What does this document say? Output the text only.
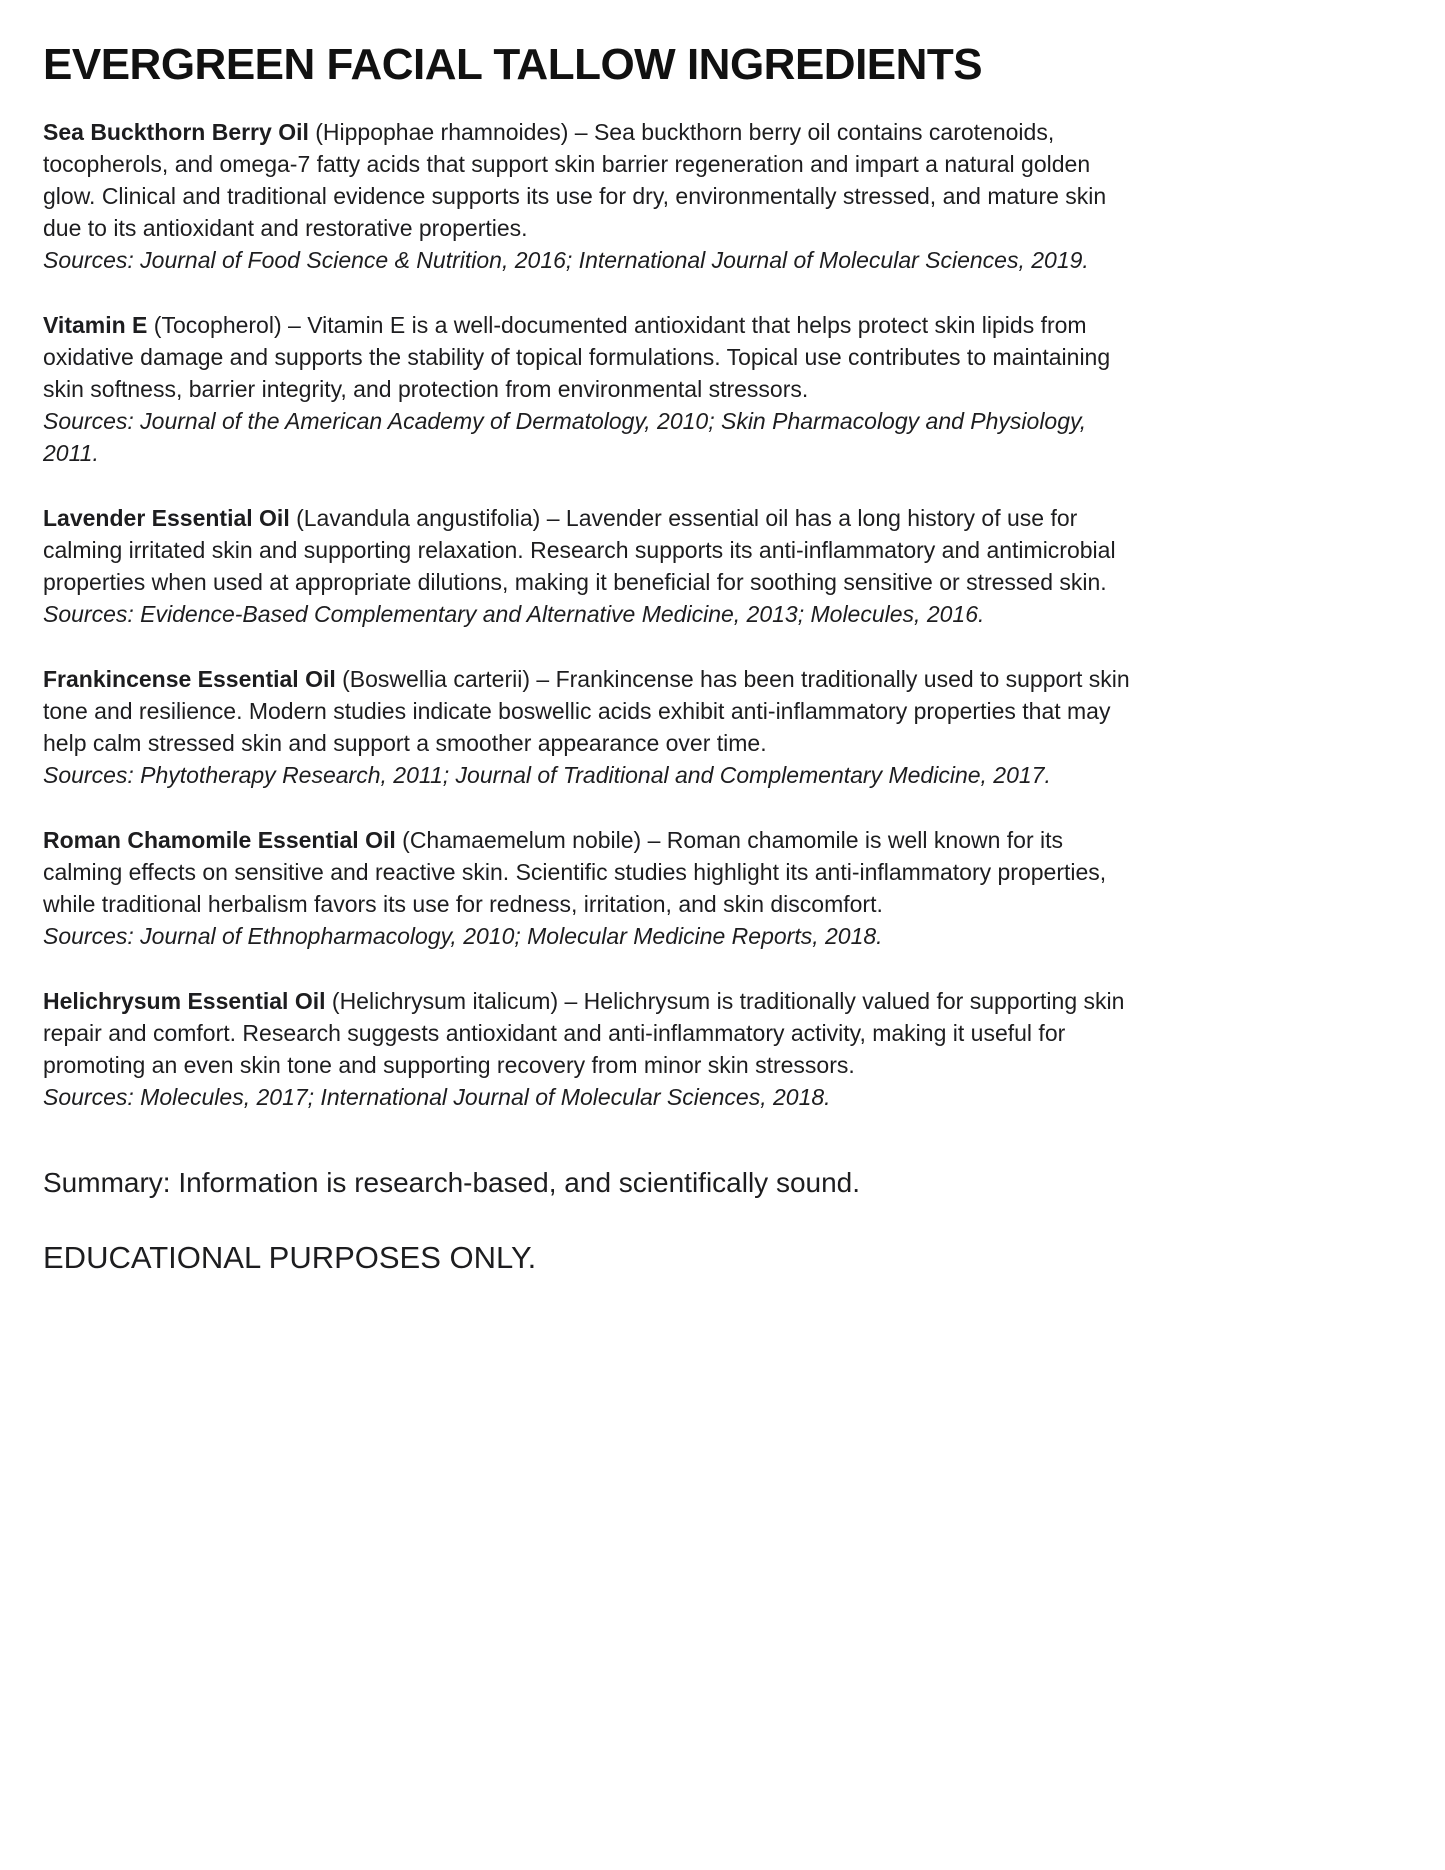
EVERGREEN FACIAL TALLOW INGREDIENTS

Sea Buckthorn Berry Oil (Hippophae rhamnoides) – Sea buckthorn berry oil contains carotenoids, tocopherols, and omega-7 fatty acids that support skin barrier regeneration and impart a natural golden glow. Clinical and traditional evidence supports its use for dry, environmentally stressed, and mature skin due to its antioxidant and restorative properties.

Sources: Journal of Food Science & Nutrition, 2016; International Journal of Molecular Sciences, 2019.

Vitamin E (Tocopherol) – Vitamin E is a well-documented antioxidant that helps protect skin lipids from oxidative damage and supports the stability of topical formulations. Topical use contributes to maintaining skin softness, barrier integrity, and protection from environmental stressors.

Sources: Journal of the American Academy of Dermatology, 2010; Skin Pharmacology and Physiology, 2011.

Lavender Essential Oil (Lavandula angustifolia) – Lavender essential oil has a long history of use for calming irritated skin and supporting relaxation. Research supports its anti-inflammatory and antimicrobial properties when used at appropriate dilutions, making it beneficial for soothing sensitive or stressed skin.

Sources: Evidence-Based Complementary and Alternative Medicine, 2013; Molecules, 2016.

Frankincense Essential Oil (Boswellia carterii) – Frankincense has been traditionally used to support skin tone and resilience. Modern studies indicate boswellic acids exhibit anti-inflammatory properties that may help calm stressed skin and support a smoother appearance over time.

Sources: Phytotherapy Research, 2011; Journal of Traditional and Complementary Medicine, 2017.

Roman Chamomile Essential Oil (Chamaemelum nobile) – Roman chamomile is well known for its calming effects on sensitive and reactive skin. Scientific studies highlight its anti-inflammatory properties, while traditional herbalism favors its use for redness, irritation, and skin discomfort.

Sources: Journal of Ethnopharmacology, 2010; Molecular Medicine Reports, 2018.

Helichrysum Essential Oil (Helichrysum italicum) – Helichrysum is traditionally valued for supporting skin repair and comfort. Research suggests antioxidant and anti-inflammatory activity, making it useful for promoting an even skin tone and supporting recovery from minor skin stressors.

Sources: Molecules, 2017; International Journal of Molecular Sciences, 2018.

Summary: Information is research-based, and scientifically sound.

EDUCATIONAL PURPOSES ONLY.
